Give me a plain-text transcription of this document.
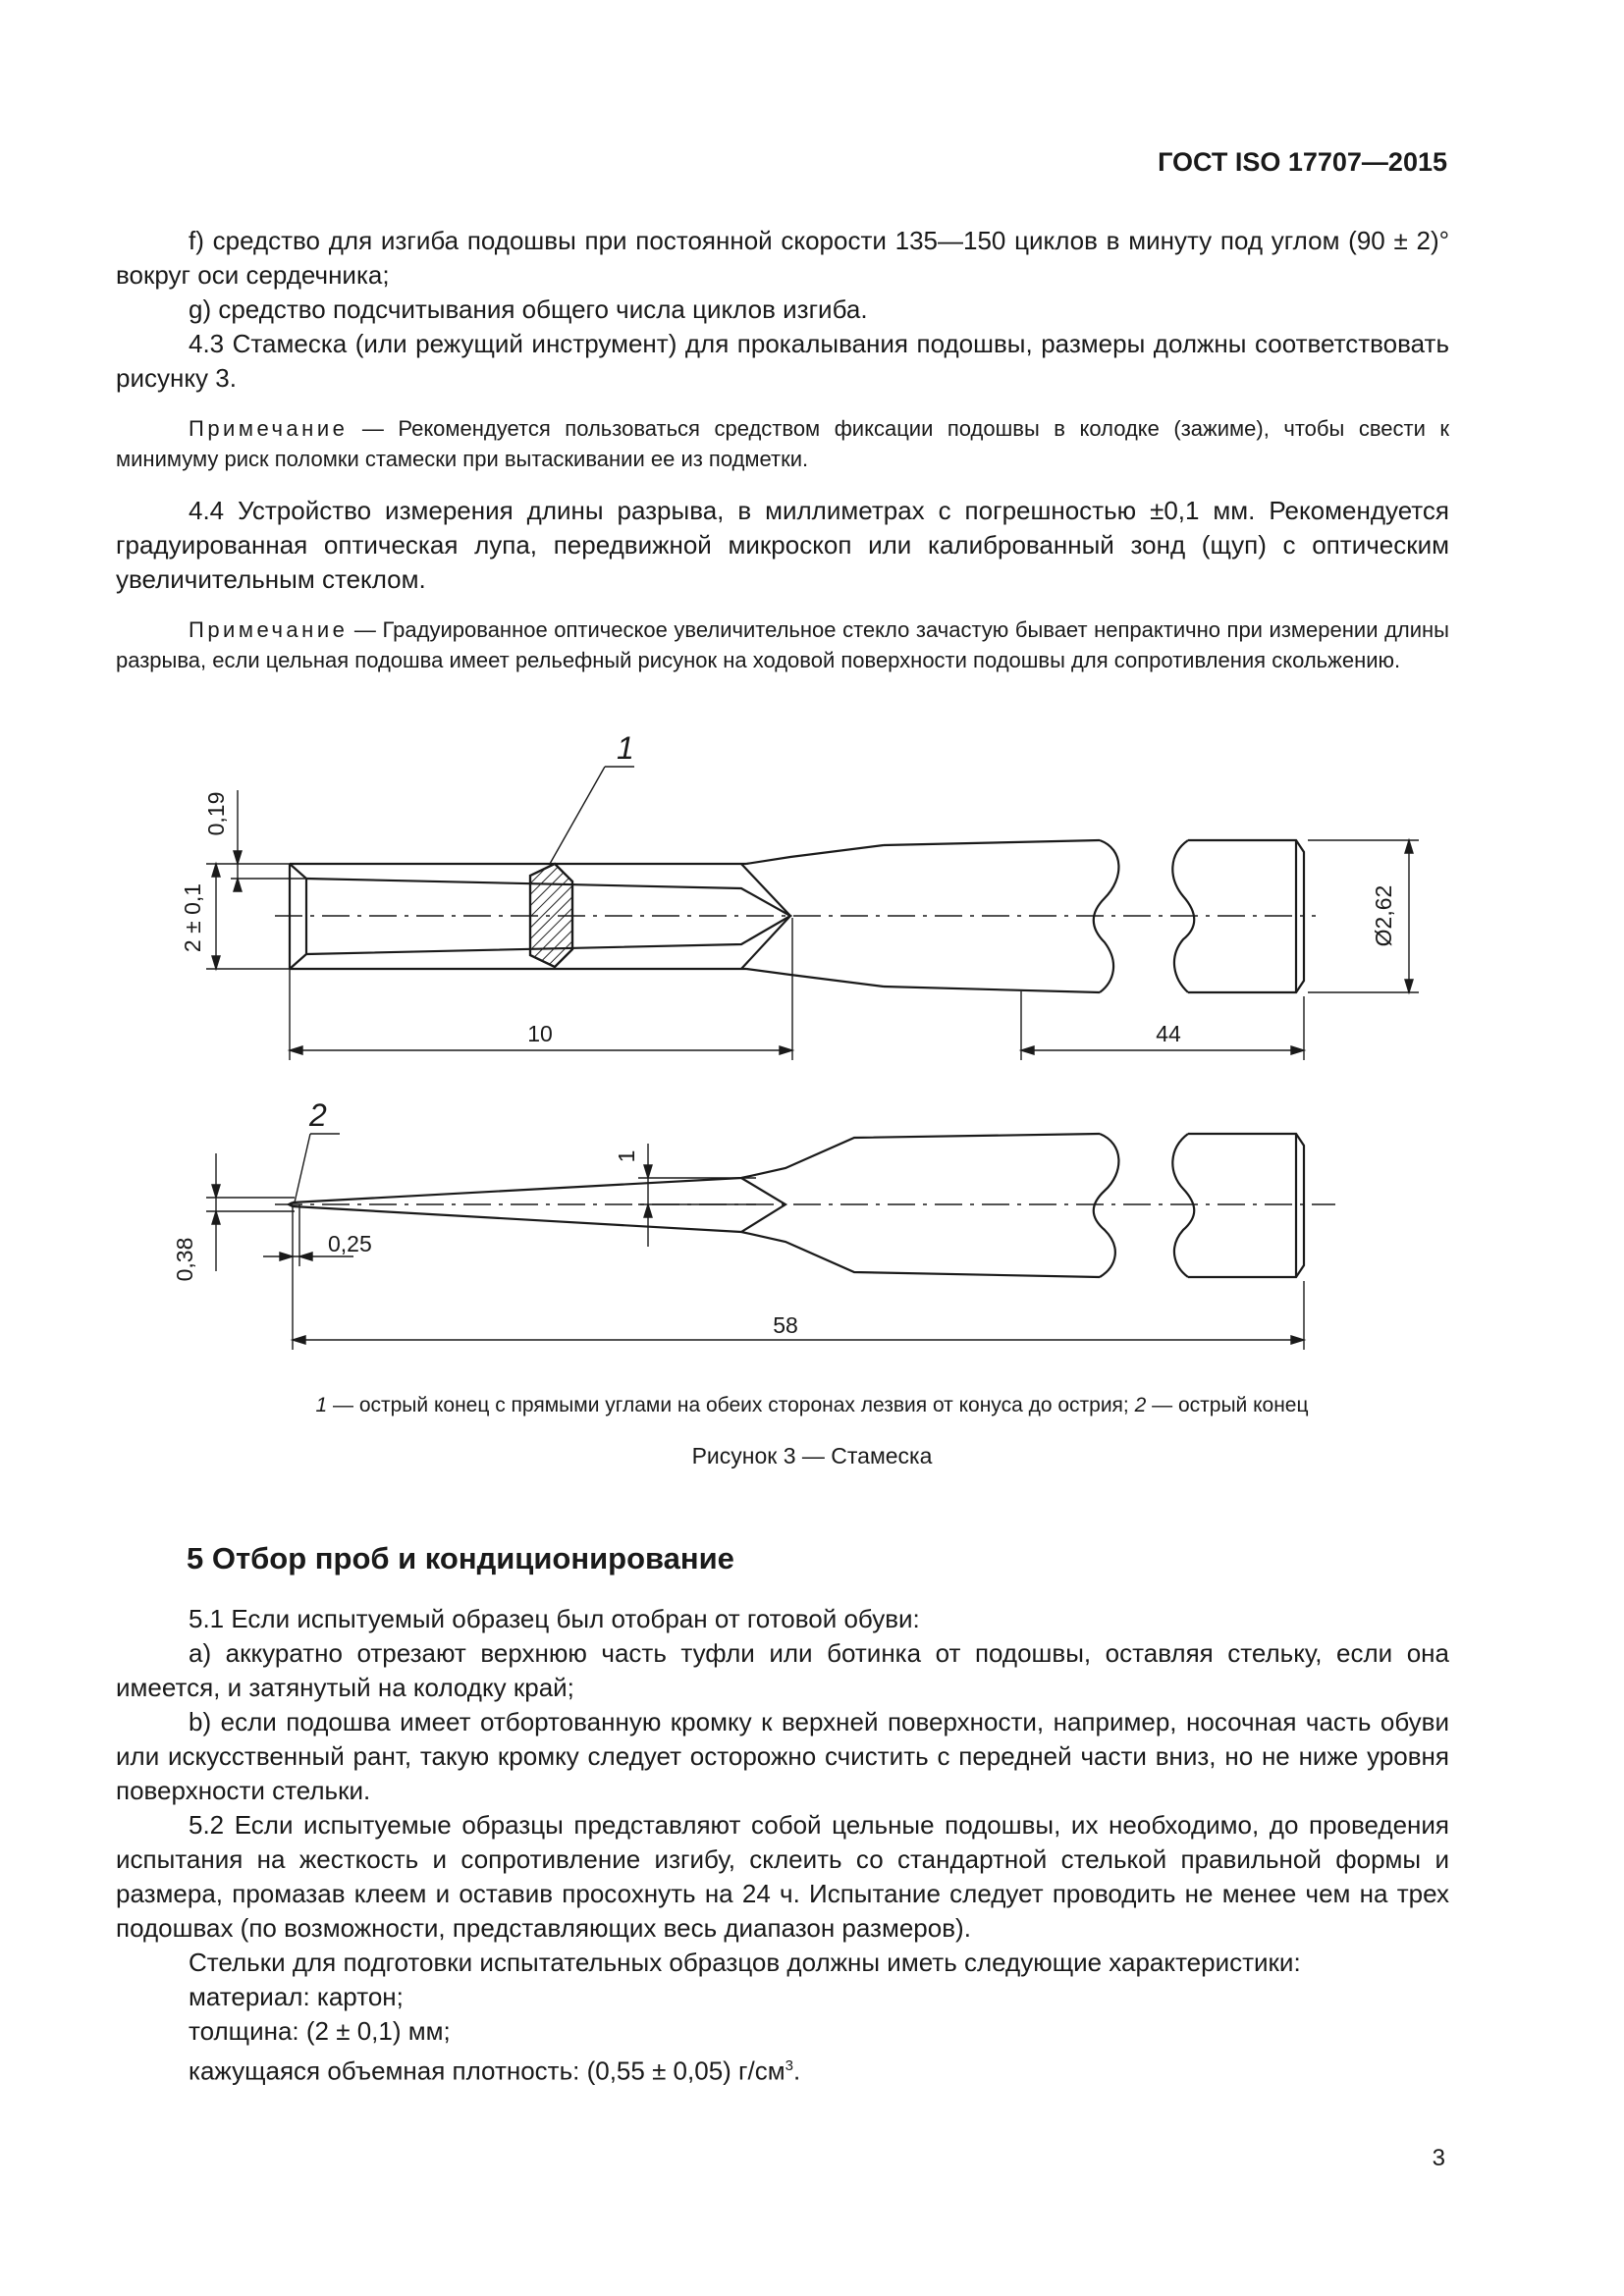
ГОСТ ISO 17707—2015

f) средство для изгиба подошвы при постоянной скорости 135—150 циклов в минуту под углом (90 ± 2)° вокруг оси сердечника;

g) средство подсчитывания общего числа циклов изгиба.

4.3 Стамеска (или режущий инструмент) для прокалывания подошвы, размеры должны соответствовать рисунку 3.

Примечание — Рекомендуется пользоваться средством фиксации подошвы в колодке (зажиме), чтобы свести к минимуму риск поломки стамески при вытаскивании ее из подметки.

4.4 Устройство измерения длины разрыва, в миллиметрах с погрешностью ±0,1 мм. Рекомендуется градуированная оптическая лупа, передвижной микроскоп или калиброванный зонд (щуп) с оптическим увеличительным стеклом.

Примечание — Градуированное оптическое увеличительное стекло зачастую бывает непрактично при измерении длины разрыва, если цельная подошва имеет рельефный рисунок на ходовой поверхности подошвы для сопротивления скольжению.

2 ± 0,1
0,19
10	44
Ø2,62
1
0,38	0,25
1
58
2
1 — острый конец с прямыми углами на обеих сторонах лезвия от конуса до острия; 2 — острый конец
Рисунок 3 — Стамеска
5 Отбор проб и кондиционирование

5.1 Если испытуемый образец был отобран от готовой обуви:

a) аккуратно отрезают верхнюю часть туфли или ботинка от подошвы, оставляя стельку, если она имеется, и затянутый на колодку край;

b) если подошва имеет отбортованную кромку к верхней поверхности, например, носочная часть обуви или искусственный рант, такую кромку следует осторожно счистить с передней части вниз, но не ниже уровня поверхности стельки.

5.2 Если испытуемые образцы представляют собой цельные подошвы, их необходимо, до проведения испытания на жесткость и сопротивление изгибу, склеить со стандартной стелькой правильной формы и размера, промазав клеем и оставив просохнуть на 24 ч. Испытание следует проводить не менее чем на трех подошвах (по возможности, представляющих весь диапазон размеров).

Стельки для подготовки испытательных образцов должны иметь следующие характеристики:

материал: картон;

толщина: (2 ± 0,1) мм;

кажущаяся объемная плотность: (0,55 ± 0,05) $г/см^3$.

3
